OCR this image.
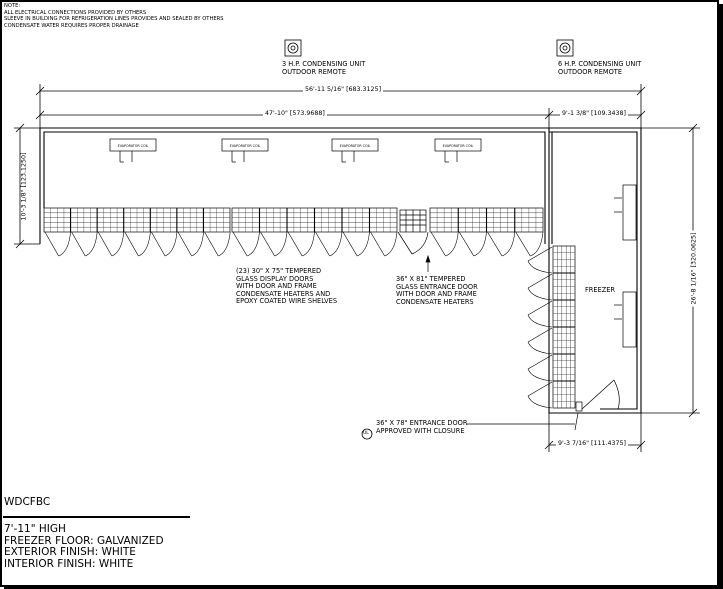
NOTE:
ALL ELECTRICAL CONNECTIONS PROVIDED BY OTHERS
SLEEVE IN BUILDING FOR REFRIGERATION LINES PROVIDES AND SEALED BY OTHERS
CONDENSATE WATER REQUIRES PROPER DRAINAGE
EVAPORATOR COIL	EVAPORATOR COIL	EVAPORATOR COIL	EVAPORATOR COIL
3 H.P. CONDENSING UNIT
OUTDOOR REMOTE
6 H.P. CONDENSING UNIT
OUTDOOR REMOTE
56'-11 5/16" [683.3125]
47'-10" [573.9688]	9'-1 3/8" [109.3438]
10'-3 1/8" [123.1250]
26'-8 1/16" [320.0625]
9'-3 7/16" [111.4375]
(23) 30" X 75" TEMPERED
GLASS DISPLAY DOORS
WITH DOOR AND FRAME
CONDENSATE HEATERS AND
EPOXY COATED WIRE SHELVES
36" X 81" TEMPERED
GLASS ENTRANCE DOOR
WITH DOOR AND FRAME
CONDENSATE HEATERS
FREEZER
36" X 78" ENTRANCE DOOR
APPROVED WITH CLOSURE
UL
WDCFBC
7'-11" HIGH
FREEZER FLOOR: GALVANIZED
EXTERIOR FINISH: WHITE
INTERIOR FINISH: WHITE
